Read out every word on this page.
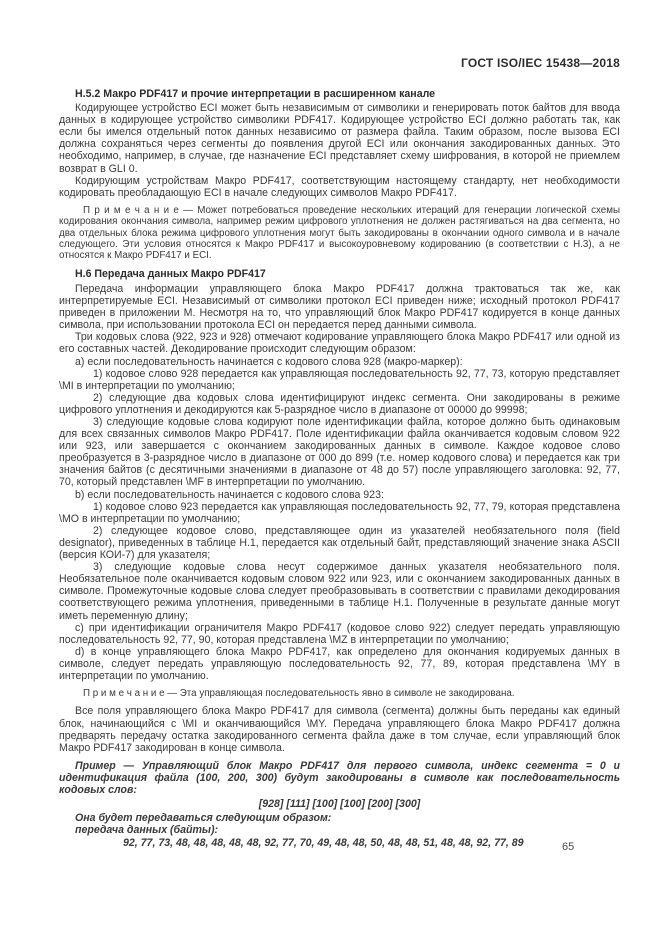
ГОСТ ISO/IEC 15438—2018

Н.5.2 Макро PDF417 и прочие интерпретации в расширенном канале

Кодирующее устройство ECI может быть независимым от символики и генерировать поток байтов для ввода данных в кодирующее устройство символики PDF417. Кодирующее устройство ECI должно работать так, как если бы имелся отдельный поток данных независимо от размера файла. Таким образом, после вызова ECI должна сохраняться через сегменты до появления другой ECI или окончания закодированных данных. Это необходимо, например, в случае, где назначение ECI представляет схему шифрования, в которой не приемлем возврат в GLI 0.

Кодирующим устройствам Макро PDF417, соответствующим настоящему стандарту, нет необходимости кодировать преобладающую ECI в начале следующих символов Макро PDF417.

П р и м е ч а н и е — Может потребоваться проведение нескольких итераций для генерации логической схемы кодирования окончания символа, например режим цифрового уплотнения не должен растягиваться на два сегмента, но два отдельных блока режима цифрового уплотнения могут быть закодированы в окончании одного символа и в начале следующего. Эти условия относятся к Макро PDF417 и высокоуровневому кодированию (в соответствии с Н.3), а не относятся к Макро PDF417 и ECI.

Н.6 Передача данных Макро PDF417

Передача информации управляющего блока Макро PDF417 должна трактоваться так же, как интерпретируемые ECI. Независимый от символики протокол ECI приведен ниже; исходный протокол PDF417 приведен в приложении М. Несмотря на то, что управляющий блок Макро PDF417 кодируется в конце данных символа, при использовании протокола ECI он передается перед данными символа.

Три кодовых слова (922, 923 и 928) отмечают кодирование управляющего блока Макро PDF417 или одной из его составных частей. Декодирование происходит следующим образом:

а) если последовательность начинается с кодового слова 928 (макро-маркер):

1) кодовое слово 928 передается как управляющая последовательность 92, 77, 73, которую представляет \MI в интерпретации по умолчанию;

2) следующие два кодовых слова идентифицируют индекс сегмента. Они закодированы в режиме цифрового уплотнения и декодируются как 5-разрядное число в диапазоне от 00000 до 99998;

3) следующие кодовые слова кодируют поле идентификации файла, которое должно быть одинаковым для всех связанных символов Макро PDF417. Поле идентификации файла оканчивается кодовым словом 922 или 923, или завершается с окончанием закодированных данных в символе. Каждое кодовое слово преобразуется в 3-разрядное число в диапазоне от 000 до 899 (т.е. номер кодового слова) и передается как три значения байтов (с десятичными значениями в диапазоне от 48 до 57) после управляющего заголовка: 92, 77, 70, который представлен \MF в интерпретации по умолчанию.

b) если последовательность начинается с кодового слова 923:

1) кодовое слово 923 передается как управляющая последовательность 92, 77, 79, которая представлена \MO в интерпретации по умолчанию;

2) следующее кодовое слово, представляющее один из указателей необязательного поля (field designator), приведенных в таблице Н.1, передается как отдельный байт, представляющий значение знака ASCII (версия КОИ-7) для указателя;

3) следующие кодовые слова несут содержимое данных указателя необязательного поля. Необязательное поле оканчивается кодовым словом 922 или 923, или с окончанием закодированных данных в символе. Промежуточные кодовые слова следует преобразовывать в соответствии с правилами декодирования соответствующего режима уплотнения, приведенными в таблице Н.1. Полученные в результате данные могут иметь переменную длину;

с) при идентификации ограничителя Макро PDF417 (кодовое слово 922) следует передать управляющую последовательность 92, 77, 90, которая представлена \MZ в интерпретации по умолчанию;

d) в конце управляющего блока Макро PDF417, как определено для окончания кодируемых данных в символе, следует передать управляющую последовательность 92, 77, 89, которая представлена \MY в интерпретации по умолчанию.

П р и м е ч а н и е — Эта управляющая последовательность явно в символе не закодирована.

Все поля управляющего блока Макро PDF417 для символа (сегмента) должны быть переданы как единый блок, начинающийся с \MI и оканчивающийся \MY. Передача управляющего блока Макро PDF417 должна предварять передачу остатка закодированного сегмента файла даже в том случае, если управляющий блок Макро PDF417 закодирован в конце символа.

Пример — Управляющий блок Макро PDF417 для первого символа, индекс сегмента = 0 и идентификация файла (100, 200, 300) будут закодированы в символе как последовательность кодовых слов:

[928] [111] [100] [100] [200] [300]

Она будет передаваться следующим образом:

передача данных (байты):

92, 77, 73, 48, 48, 48, 48, 48, 92, 77, 70, 49, 48, 48, 50, 48, 48, 51, 48, 48, 92, 77, 89	65
